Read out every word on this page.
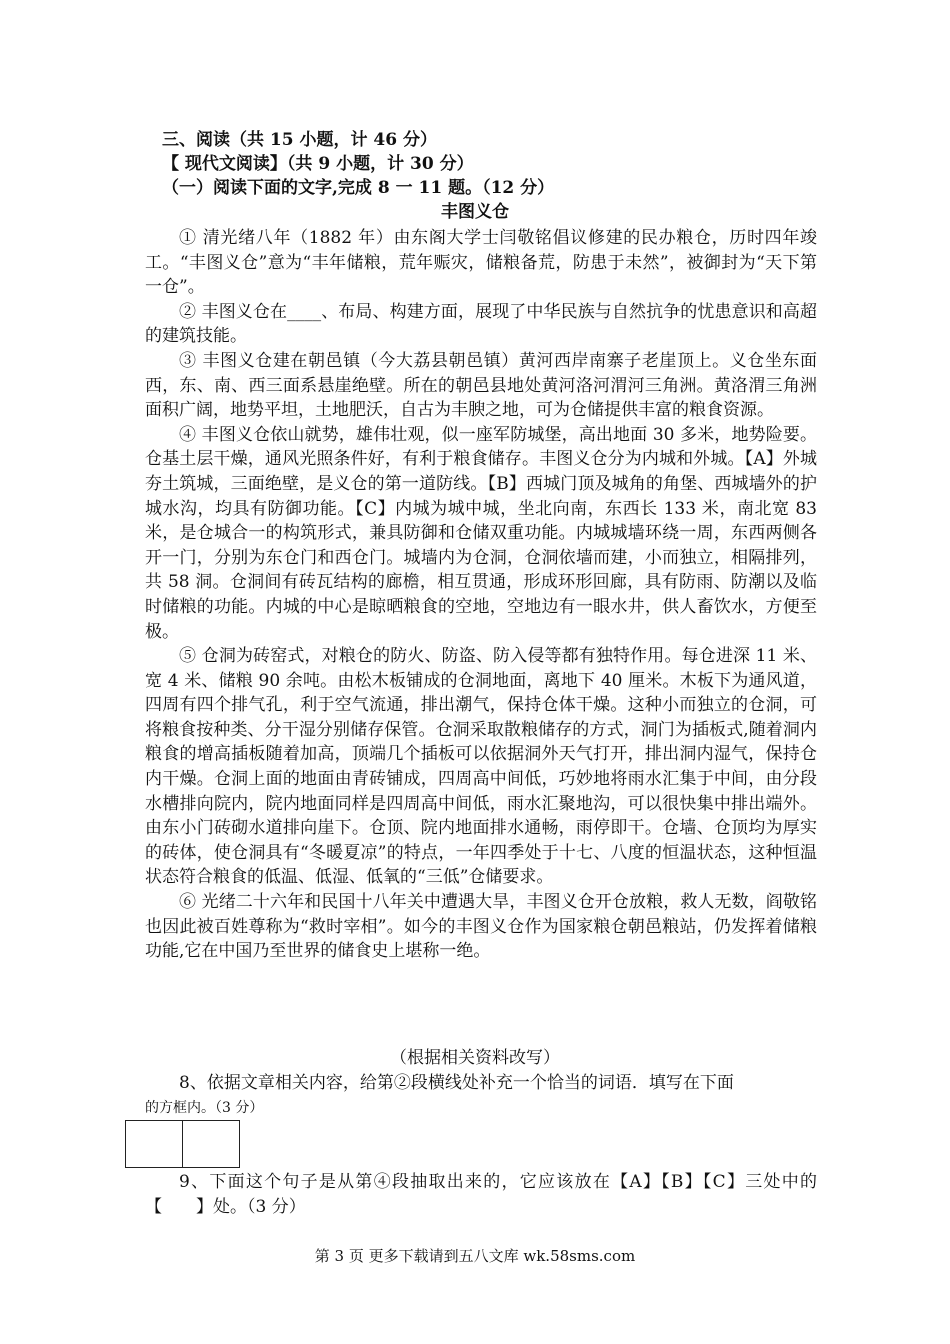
三、阅读（共 15 小题，计 46 分）
【 现代文阅读】（共 9 小题，计 30 分）
（一）阅读下面的文字,完成 8 一 11 题。（12 分）
丰图义仓

① 清光绪八年（1882 年）由东阁大学士闫敬铭倡议修建的民办粮仓，历时四年竣工。“丰图义仓”意为“丰年储粮，荒年赈灾，储粮备荒，防患于未然”，被御封为“天下第一仓”。

② 丰图义仓在____、布局、构建方面，展现了中华民族与自然抗争的忧患意识和高超的建筑技能。

③ 丰图义仓建在朝邑镇（今大荔县朝邑镇）黄河西岸南寨子老崖顶上。义仓坐东面西，东、南、西三面系悬崖绝壁。所在的朝邑县地处黄河洛河渭河三角洲。黄洛渭三角洲面积广阔，地势平坦，土地肥沃，自古为丰腴之地，可为仓储提供丰富的粮食资源。

④ 丰图义仓依山就势，雄伟壮观，似一座军防城堡，高出地面 30 多米，地势险要。仓基土层干燥，通风光照条件好，有利于粮食储存。丰图义仓分为内城和外城。【A】外城夯土筑城，三面绝壁，是义仓的第一道防线。【B】西城门顶及城角的角堡、西城墙外的护城水沟，均具有防御功能。【C】内城为城中城，坐北向南，东西长 133 米，南北宽 83 米，是仓城合一的构筑形式，兼具防御和仓储双重功能。内城城墙环绕一周，东西两侧各开一门，分别为东仓门和西仓门。城墙内为仓洞，仓洞依墙而建，小而独立，相隔排列，共 58 洞。仓洞间有砖瓦结构的廊檐，相互贯通，形成环形回廊，具有防雨、防潮以及临时储粮的功能。内城的中心是晾晒粮食的空地，空地边有一眼水井，供人畜饮水，方便至极。

⑤ 仓洞为砖窑式，对粮仓的防火、防盗、防入侵等都有独特作用。每仓进深 11 米、宽 4 米、储粮 90 余吨。由松木板铺成的仓洞地面，离地下 40 厘米。木板下为通风道，四周有四个排气孔，利于空气流通，排出潮气，保持仓体干燥。这种小而独立的仓洞，可将粮食按种类、分干湿分别储存保管。仓洞采取散粮储存的方式，洞门为插板式,随着洞内粮食的增高插板随着加高，顶端几个插板可以依据洞外天气打开，排出洞内湿气，保持仓内干燥。仓洞上面的地面由青砖铺成，四周高中间低，巧妙地将雨水汇集于中间，由分段水槽排向院内，院内地面同样是四周高中间低，雨水汇聚地沟，可以很快集中排出端外。由东小门砖砌水道排向崖下。仓顶、院内地面排水通畅，雨停即干。仓墙、仓顶均为厚实的砖体，使仓洞具有“冬暖夏凉”的特点，一年四季处于十七、八度的恒温状态，这种恒温状态符合粮食的低温、低湿、低氧的“三低”仓储要求。

⑥ 光绪二十六年和民国十八年关中遭遇大旱，丰图义仓开仓放粮，救人无数，阎敬铭也因此被百姓尊称为“救时宰相”。如今的丰图义仓作为国家粮仓朝邑粮站，仍发挥着储粮功能,它在中国乃至世界的储食史上堪称一绝。

（根据相关资料改写）

8、依据文章相关内容，给第②段横线处补充一个恰当的词语．填写在下面

的方框内。（3 分）

9、下面这个句子是从第④段抽取出来的，它应该放在【A】【B】【C】三处中的【　　】处。（3 分）

第 3 页 更多下载请到五八文库 wk.58sms.com
